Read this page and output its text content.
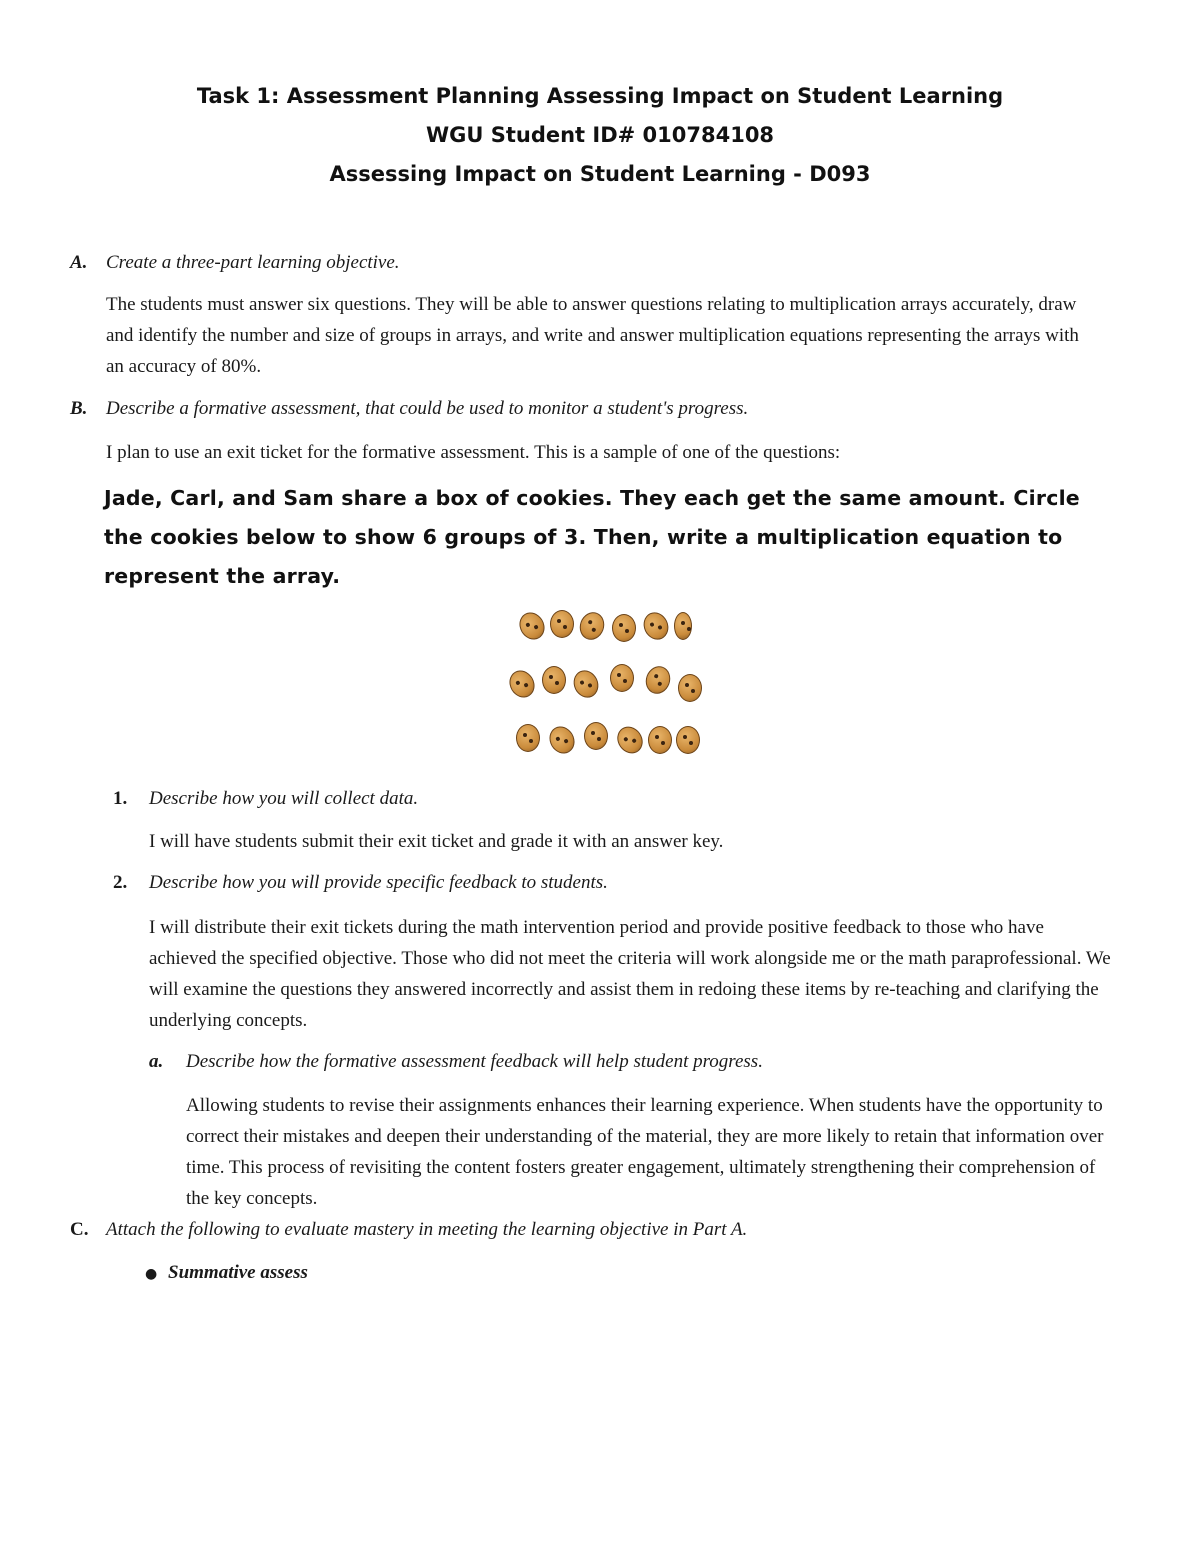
Task 1: Assessment Planning Assessing Impact on Student Learning
WGU Student ID# 010784108
Assessing Impact on Student Learning - D093
A. Create a three-part learning objective.
The students must answer six questions. They will be able to answer questions relating to multiplication arrays accurately, draw and identify the number and size of groups in arrays, and write and answer multiplication equations representing the arrays with an accuracy of 80%.
B. Describe a formative assessment, that could be used to monitor a student's progress.
I plan to use an exit ticket for the formative assessment. This is a sample of one of the questions:
Jade, Carl, and Sam share a box of cookies. They each get the same amount. Circle the cookies below to show 6 groups of 3. Then, write a multiplication equation to represent the array.
1. Describe how you will collect data.
I will have students submit their exit ticket and grade it with an answer key.
2. Describe how you will provide specific feedback to students.
I will distribute their exit tickets during the math intervention period and provide positive feedback to those who have achieved the specified objective. Those who did not meet the criteria will work alongside me or the math paraprofessional. We will examine the questions they answered incorrectly and assist them in redoing these items by re-teaching and clarifying the underlying concepts.
a. Describe how the formative assessment feedback will help student progress.
Allowing students to revise their assignments enhances their learning experience. When students have the opportunity to correct their mistakes and deepen their understanding of the material, they are more likely to retain that information over time. This process of revisiting the content fosters greater engagement, ultimately strengthening their comprehension of the key concepts.
C. Attach the following to evaluate mastery in meeting the learning objective in Part A.
● Summative assess
